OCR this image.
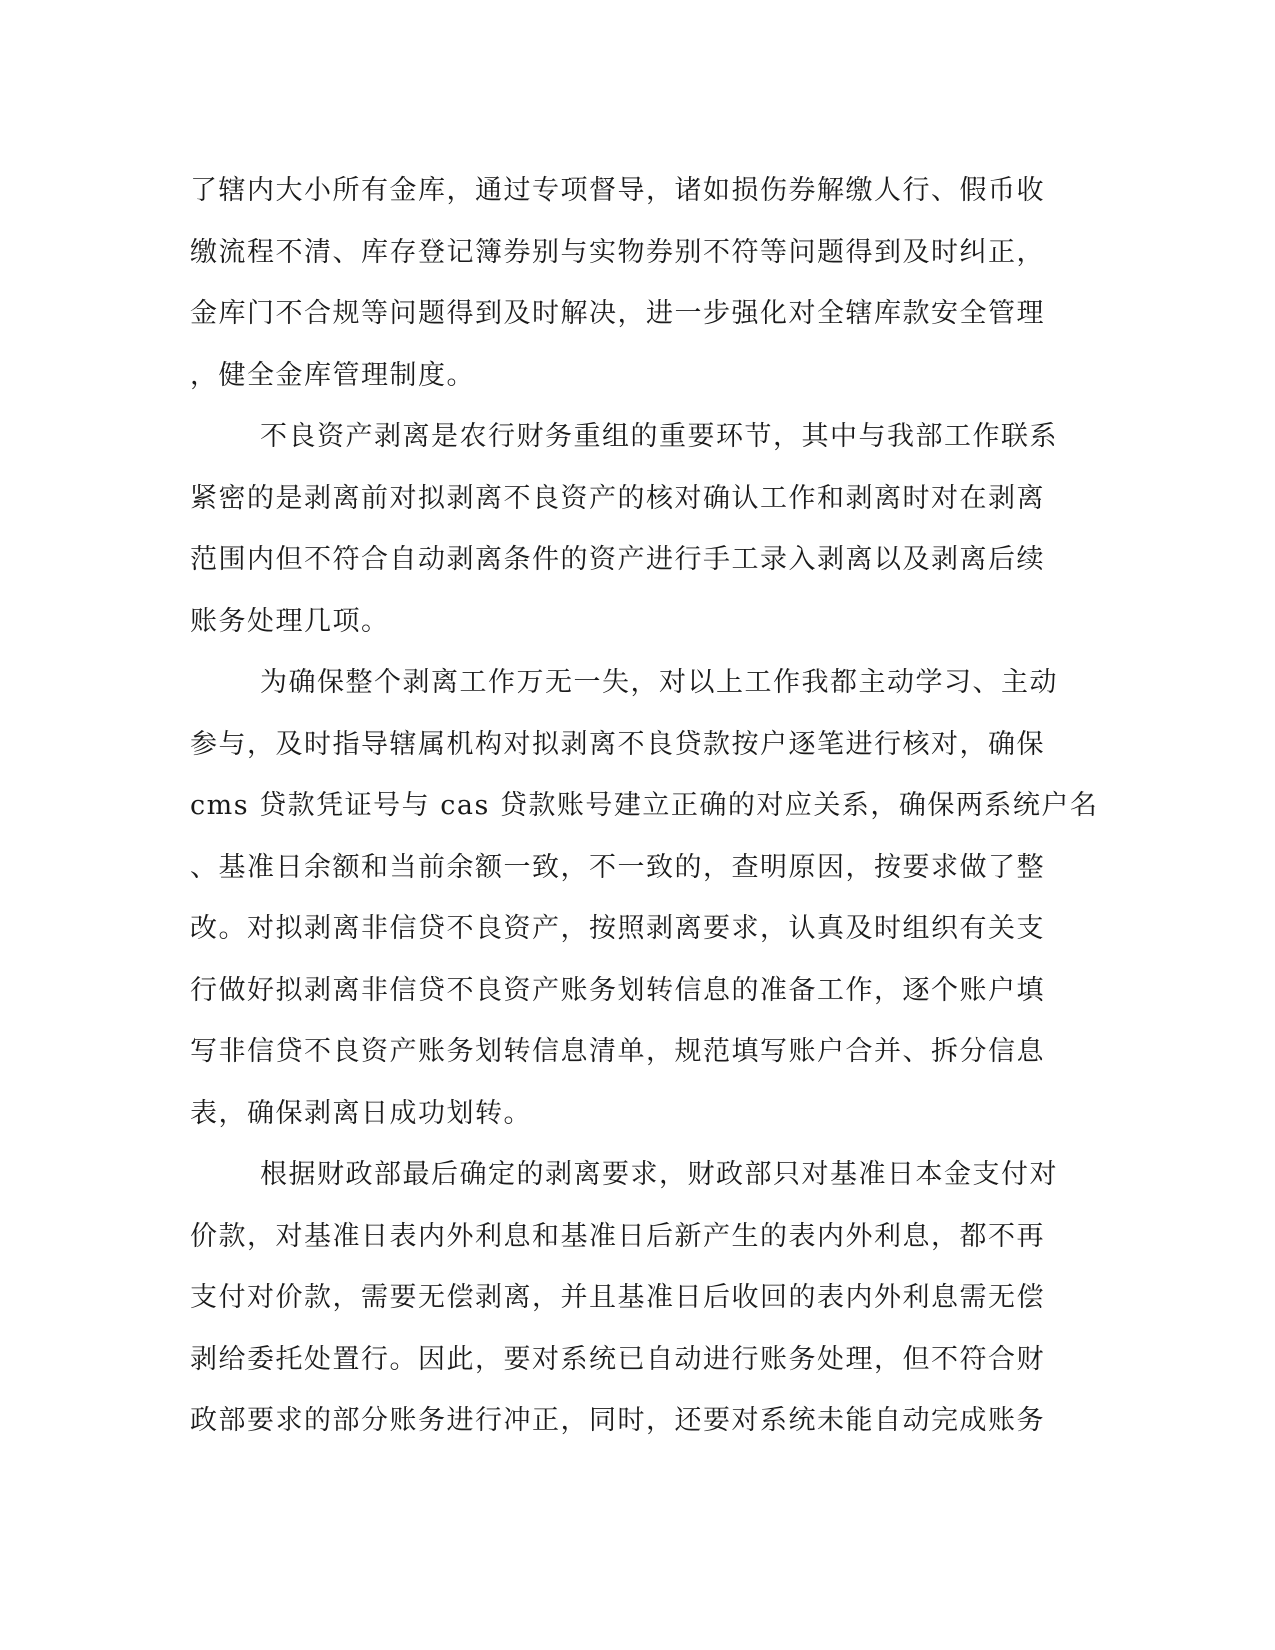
了辖内大小所有金库，通过专项督导，诸如损伤券解缴人行、假币收
缴流程不清、库存登记簿券别与实物券别不符等问题得到及时纠正，
金库门不合规等问题得到及时解决，进一步强化对全辖库款安全管理
，健全金库管理制度。
不良资产剥离是农行财务重组的重要环节，其中与我部工作联系
紧密的是剥离前对拟剥离不良资产的核对确认工作和剥离时对在剥离
范围内但不符合自动剥离条件的资产进行手工录入剥离以及剥离后续
账务处理几项。
为确保整个剥离工作万无一失，对以上工作我都主动学习、主动
参与，及时指导辖属机构对拟剥离不良贷款按户逐笔进行核对，确保
cms 贷款凭证号与 cas 贷款账号建立正确的对应关系，确保两系统户名
、基准日余额和当前余额一致，不一致的，查明原因，按要求做了整
改。对拟剥离非信贷不良资产，按照剥离要求，认真及时组织有关支
行做好拟剥离非信贷不良资产账务划转信息的准备工作，逐个账户填
写非信贷不良资产账务划转信息清单，规范填写账户合并、拆分信息
表，确保剥离日成功划转。
根据财政部最后确定的剥离要求，财政部只对基准日本金支付对
价款，对基准日表内外利息和基准日后新产生的表内外利息，都不再
支付对价款，需要无偿剥离，并且基准日后收回的表内外利息需无偿
剥给委托处置行。因此，要对系统已自动进行账务处理，但不符合财
政部要求的部分账务进行冲正，同时，还要对系统未能自动完成账务
